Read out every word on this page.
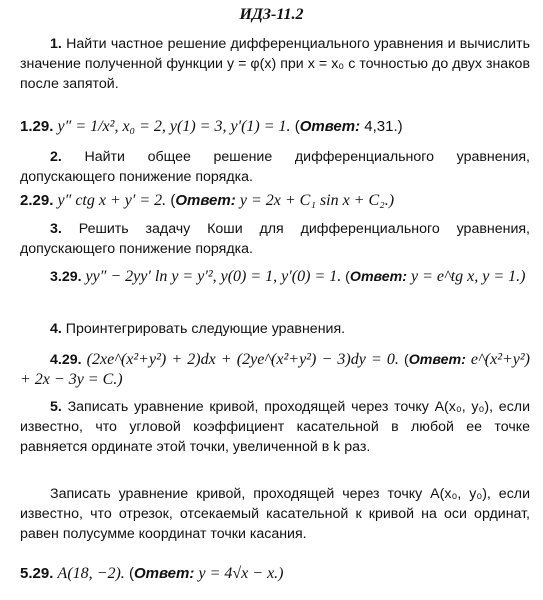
ИДЗ-11.2
1. Найти частное решение дифференциального уравнения и вычислить значение полученной функции y = φ(x) при x = x₀ с точностью до двух знаков после запятой.
1.29. y″ = 1/x², x₀ = 2, y(1) = 3, y′(1) = 1. (Ответ: 4,31.)
2. Найти общее решение дифференциального уравнения, допускающего понижение порядка.
2.29. y″ ctg x + y′ = 2. (Ответ: y = 2x + C₁ sin x + C₂.)
3. Решить задачу Коши для дифференциального уравнения, допускающего понижение порядка.
3.29. yy″ − 2yy′ ln y = y′², y(0) = 1, y′(0) = 1. (Ответ: y = e^tg x, y = 1.)
4. Проинтегрировать следующие уравнения.
4.29. (2xe^(x²+y²) + 2)dx + (2ye^(x²+y²) − 3)dy = 0. (Ответ: e^(x²+y²) + 2x − 3y = C.)
5. Записать уравнение кривой, проходящей через точку A(x₀, y₀), если известно, что угловой коэффициент касательной в любой ее точке равняется ординате этой точки, увеличенной в k раз.
Записать уравнение кривой, проходящей через точку A(x₀, y₀), если известно, что отрезок, отсекаемый касательной к кривой на оси ординат, равен полусумме координат точки касания.
5.29. A(18, −2). (Ответ: y = 4√x − x.)
